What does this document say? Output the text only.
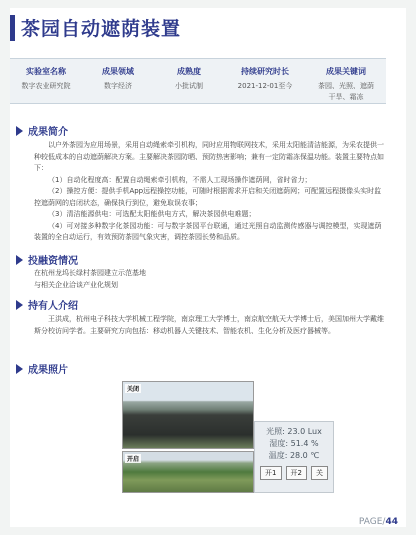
茶园自动遮荫装置
实验室名称
数字农业研究院
成果领域
数字经济
成熟度
小批试制
持续研究时长
2021-12-01至今
成果关键词
茶园、光照、遮荫
干旱、霜冻
成果简介

以户外茶园为应用场景，采用自动绳索牵引机构，同时应用物联网技术，采用太阳能清洁能源，为采农提供一种较低成本的自动遮荫解决方案。主要解决茶园防晒、预防热害影响；兼有一定防霜冻保温功能。装置主要特点如下：

（1）自动化程度高：配置自动绳索牵引机构，不需人工现场操作遮荫网，省时省力；

（2）操控方便：提供手机App远程操控功能，可随时根据需求开启和关闭遮荫网；可配置远程摄像头实时监控遮荫网的启闭状态，确保执行到位，避免取误农事；

（3）清洁能源供电：可选配太阳能供电方式，解决茶园供电难题；

（4）可对接多种数字化茶园功能：可与数字茶园平台联通，通过光照自动监测传感器与调控模型，实现遮荫装置的全自动运行，有效预防茶园气象灾害，调控茶园长势和品质。

投融资情况

在杭州龙坞长绿村茶园建立示范基地

与相关企业洽谈产业化规划

持有人介绍

王洪成，杭州电子科技大学机械工程学院，南京理工大学博士，南京航空航天大学博士后，美国加州大学戴维斯分校访问学者。主要研究方向包括：移动机器人关键技术、智能农机、生化分析及医疗器械等。

成果照片
关闭
开启
光照: 23.0 Lux
湿度: 51.4 %
温度: 28.0 ℃
开1	开2	关
PAGE/44
